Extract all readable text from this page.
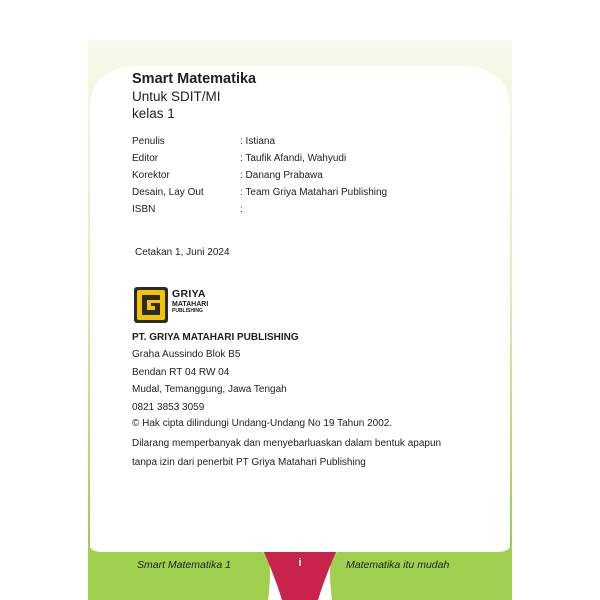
Smart Matematika
Untuk SDIT/MI
kelas 1
Penulis	: Istiana
Editor	: Taufik Afandi, Wahyudi
Korektor	: Danang Prabawa
Desain, Lay Out	: Team Griya Matahari Publishing
ISBN	:
Cetakan 1, Juni 2024
GRIYA
MATAHARI
PUBLISHING
PT. GRIYA MATAHARI PUBLISHING
Graha Aussindo Blok B5
Bendan RT 04 RW 04
Mudal, Temanggung, Jawa Tengah
0821 3853 3059
© Hak cipta dilindungi Undang-Undang No 19 Tahun 2002.
Dilarang memperbanyak dan menyebarluaskan dalam bentuk apapun
tanpa izin dari penerbit PT Griya Matahari Publishing
Smart Matematika 1	i	Matematika itu mudah
